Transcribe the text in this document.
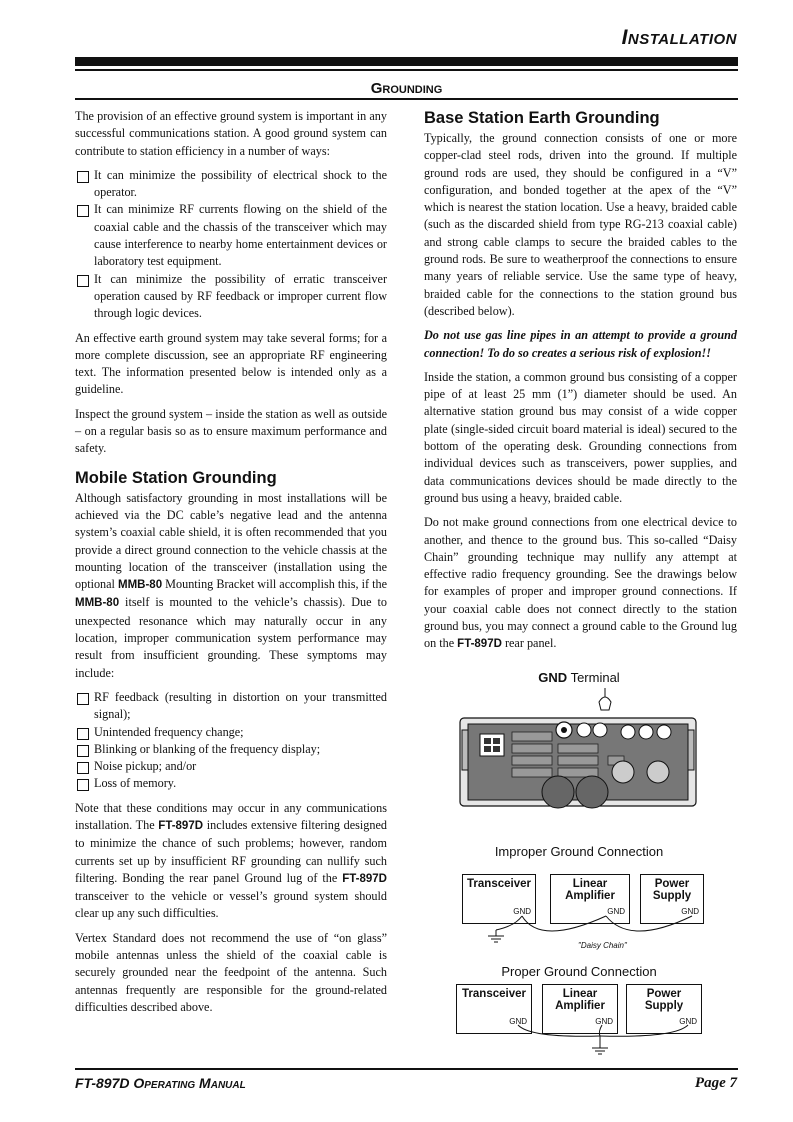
Installation
Grounding

The provision of an effective ground system is important in any successful communications station. A good ground system can contribute to station efficiency in a number of ways:

It can minimize the possibility of electrical shock to the operator.
It can minimize RF currents flowing on the shield of the coaxial cable and the chassis of the transceiver which may cause interference to nearby home entertainment devices or laboratory test equipment.
It can minimize the possibility of erratic transceiver operation caused by RF feedback or improper current flow through logic devices.

An effective earth ground system may take several forms; for a more complete discussion, see an appropriate RF engineering text. The information presented below is intended only as a guideline.

Inspect the ground system – inside the station as well as outside – on a regular basis so as to ensure maximum performance and safety.

Mobile Station Grounding

Although satisfactory grounding in most installations will be achieved via the DC cable’s negative lead and the antenna system’s coaxial cable shield, it is often recommended that you provide a direct ground connection to the vehicle chassis at the mounting location of the transceiver (installation using the optional MMB-80 Mounting Bracket will accomplish this, if the MMB-80 itself is mounted to the vehicle’s chassis). Due to unexpected resonance which may naturally occur in any location, improper communication system performance may result from insufficient grounding. These symptoms may include:

RF feedback (resulting in distortion on your transmitted signal);
Unintended frequency change;
Blinking or blanking of the frequency display;
Noise pickup; and/or
Loss of memory.

Note that these conditions may occur in any communications installation. The FT-897D includes extensive filtering designed to minimize the chance of such problems; however, random currents set up by insufficient RF grounding can nullify such filtering. Bonding the rear panel Ground lug of the FT-897D transceiver to the vehicle or vessel’s ground system should clear up any such difficulties.

Vertex Standard does not recommend the use of “on glass” mobile antennas unless the shield of the coaxial cable is securely grounded near the feedpoint of the antenna. Such antennas frequently are responsible for the ground-related difficulties described above.

Base Station Earth Grounding

Typically, the ground connection consists of one or more copper-clad steel rods, driven into the ground. If multiple ground rods are used, they should be configured in a “V” configuration, and bonded together at the apex of the “V” which is nearest the station location. Use a heavy, braided cable (such as the discarded shield from type RG-213 coaxial cable) and strong cable clamps to secure the braided cables to the ground rods. Be sure to weatherproof the connections to ensure many years of reliable service. Use the same type of heavy, braided cable for the connections to the station ground bus (described below).

Do not use gas line pipes in an attempt to provide a ground connection! To do so creates a serious risk of explosion!!

Inside the station, a common ground bus consisting of a copper pipe of at least 25 mm (1”) diameter should be used. An alternative station ground bus may consist of a wide copper plate (single-sided circuit board material is ideal) secured to the bottom of the operating desk. Grounding connections from individual devices such as transceivers, power supplies, and data communications devices should be made directly to the ground bus using a heavy, braided cable.

Do not make ground connections from one electrical device to another, and thence to the ground bus. This so-called “Daisy Chain” grounding technique may nullify any attempt at effective radio frequency grounding. See the drawings below for examples of proper and improper ground connections. If your coaxial cable does not connect directly to the station ground bus, you may connect a ground cable to the Ground lug on the FT-897D rear panel.

GND Terminal
Improper Ground Connection
Transceiver
GND
Linear
Amplifier
GND
Power
Supply
GND
"Daisy Chain"
Proper Ground Connection
Transceiver
GND
Linear
Amplifier
GND
Power
Supply
GND
FT-897D Operating Manual	Page 7
